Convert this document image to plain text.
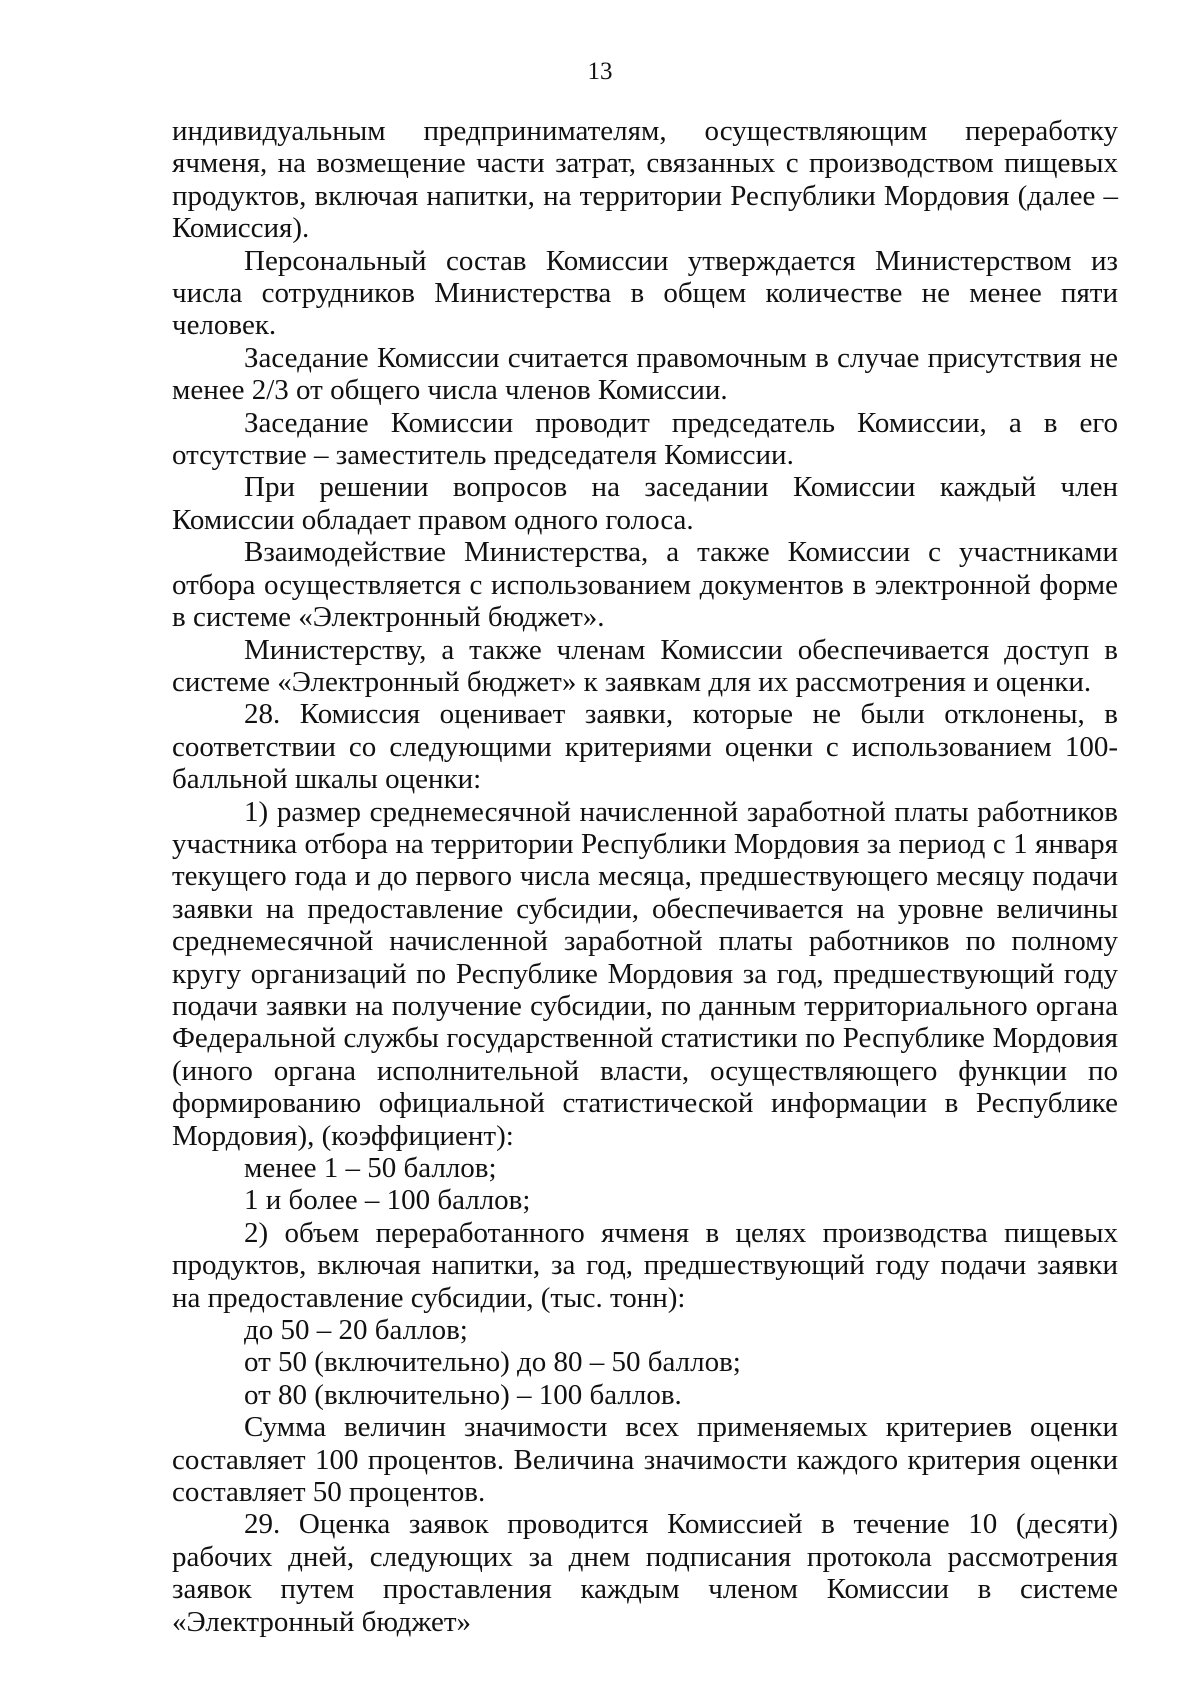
13

индивидуальным предпринимателям, осуществляющим переработку ячменя, на возмещение части затрат, связанных с производством пищевых продуктов, включая напитки, на территории Республики Мордовия (далее – Комиссия).

Персональный состав Комиссии утверждается Министерством из числа сотрудников Министерства в общем количестве не менее пяти человек.

Заседание Комиссии считается правомочным в случае присутствия не менее 2/3 от общего числа членов Комиссии.

Заседание Комиссии проводит председатель Комиссии, а в его отсутствие – заместитель председателя Комиссии.

При решении вопросов на заседании Комиссии каждый член Комиссии обладает правом одного голоса.

Взаимодействие Министерства, а также Комиссии с участниками отбора осуществляется с использованием документов в электронной форме в системе «Электронный бюджет».

Министерству, а также членам Комиссии обеспечивается доступ в системе «Электронный бюджет» к заявкам для их рассмотрения и оценки.

28. Комиссия оценивает заявки, которые не были отклонены, в соответствии со следующими критериями оценки с использованием 100-балльной шкалы оценки:

1) размер среднемесячной начисленной заработной платы работников участника отбора на территории Республики Мордовия за период с 1 января текущего года и до первого числа месяца, предшествующего месяцу подачи заявки на предоставление субсидии, обеспечивается на уровне величины среднемесячной начисленной заработной платы работников по полному кругу организаций по Республике Мордовия за год, предшествующий году подачи заявки на получение субсидии, по данным территориального органа Федеральной службы государственной статистики по Республике Мордовия (иного органа исполнительной власти, осуществляющего функции по формированию официальной статистической информации в Республике Мордовия), (коэффициент):

менее 1 – 50 баллов;

1 и более – 100 баллов;

2) объем переработанного ячменя в целях производства пищевых продуктов, включая напитки, за год, предшествующий году подачи заявки на предоставление субсидии, (тыс. тонн):

до 50 – 20 баллов;

от 50 (включительно) до 80 – 50 баллов;

от 80 (включительно) – 100 баллов.

Сумма величин значимости всех применяемых критериев оценки составляет 100 процентов. Величина значимости каждого критерия оценки составляет 50 процентов.

29. Оценка заявок проводится Комиссией в течение 10 (десяти) рабочих дней, следующих за днем подписания протокола рассмотрения заявок путем проставления каждым членом Комиссии в системе «Электронный бюджет»
